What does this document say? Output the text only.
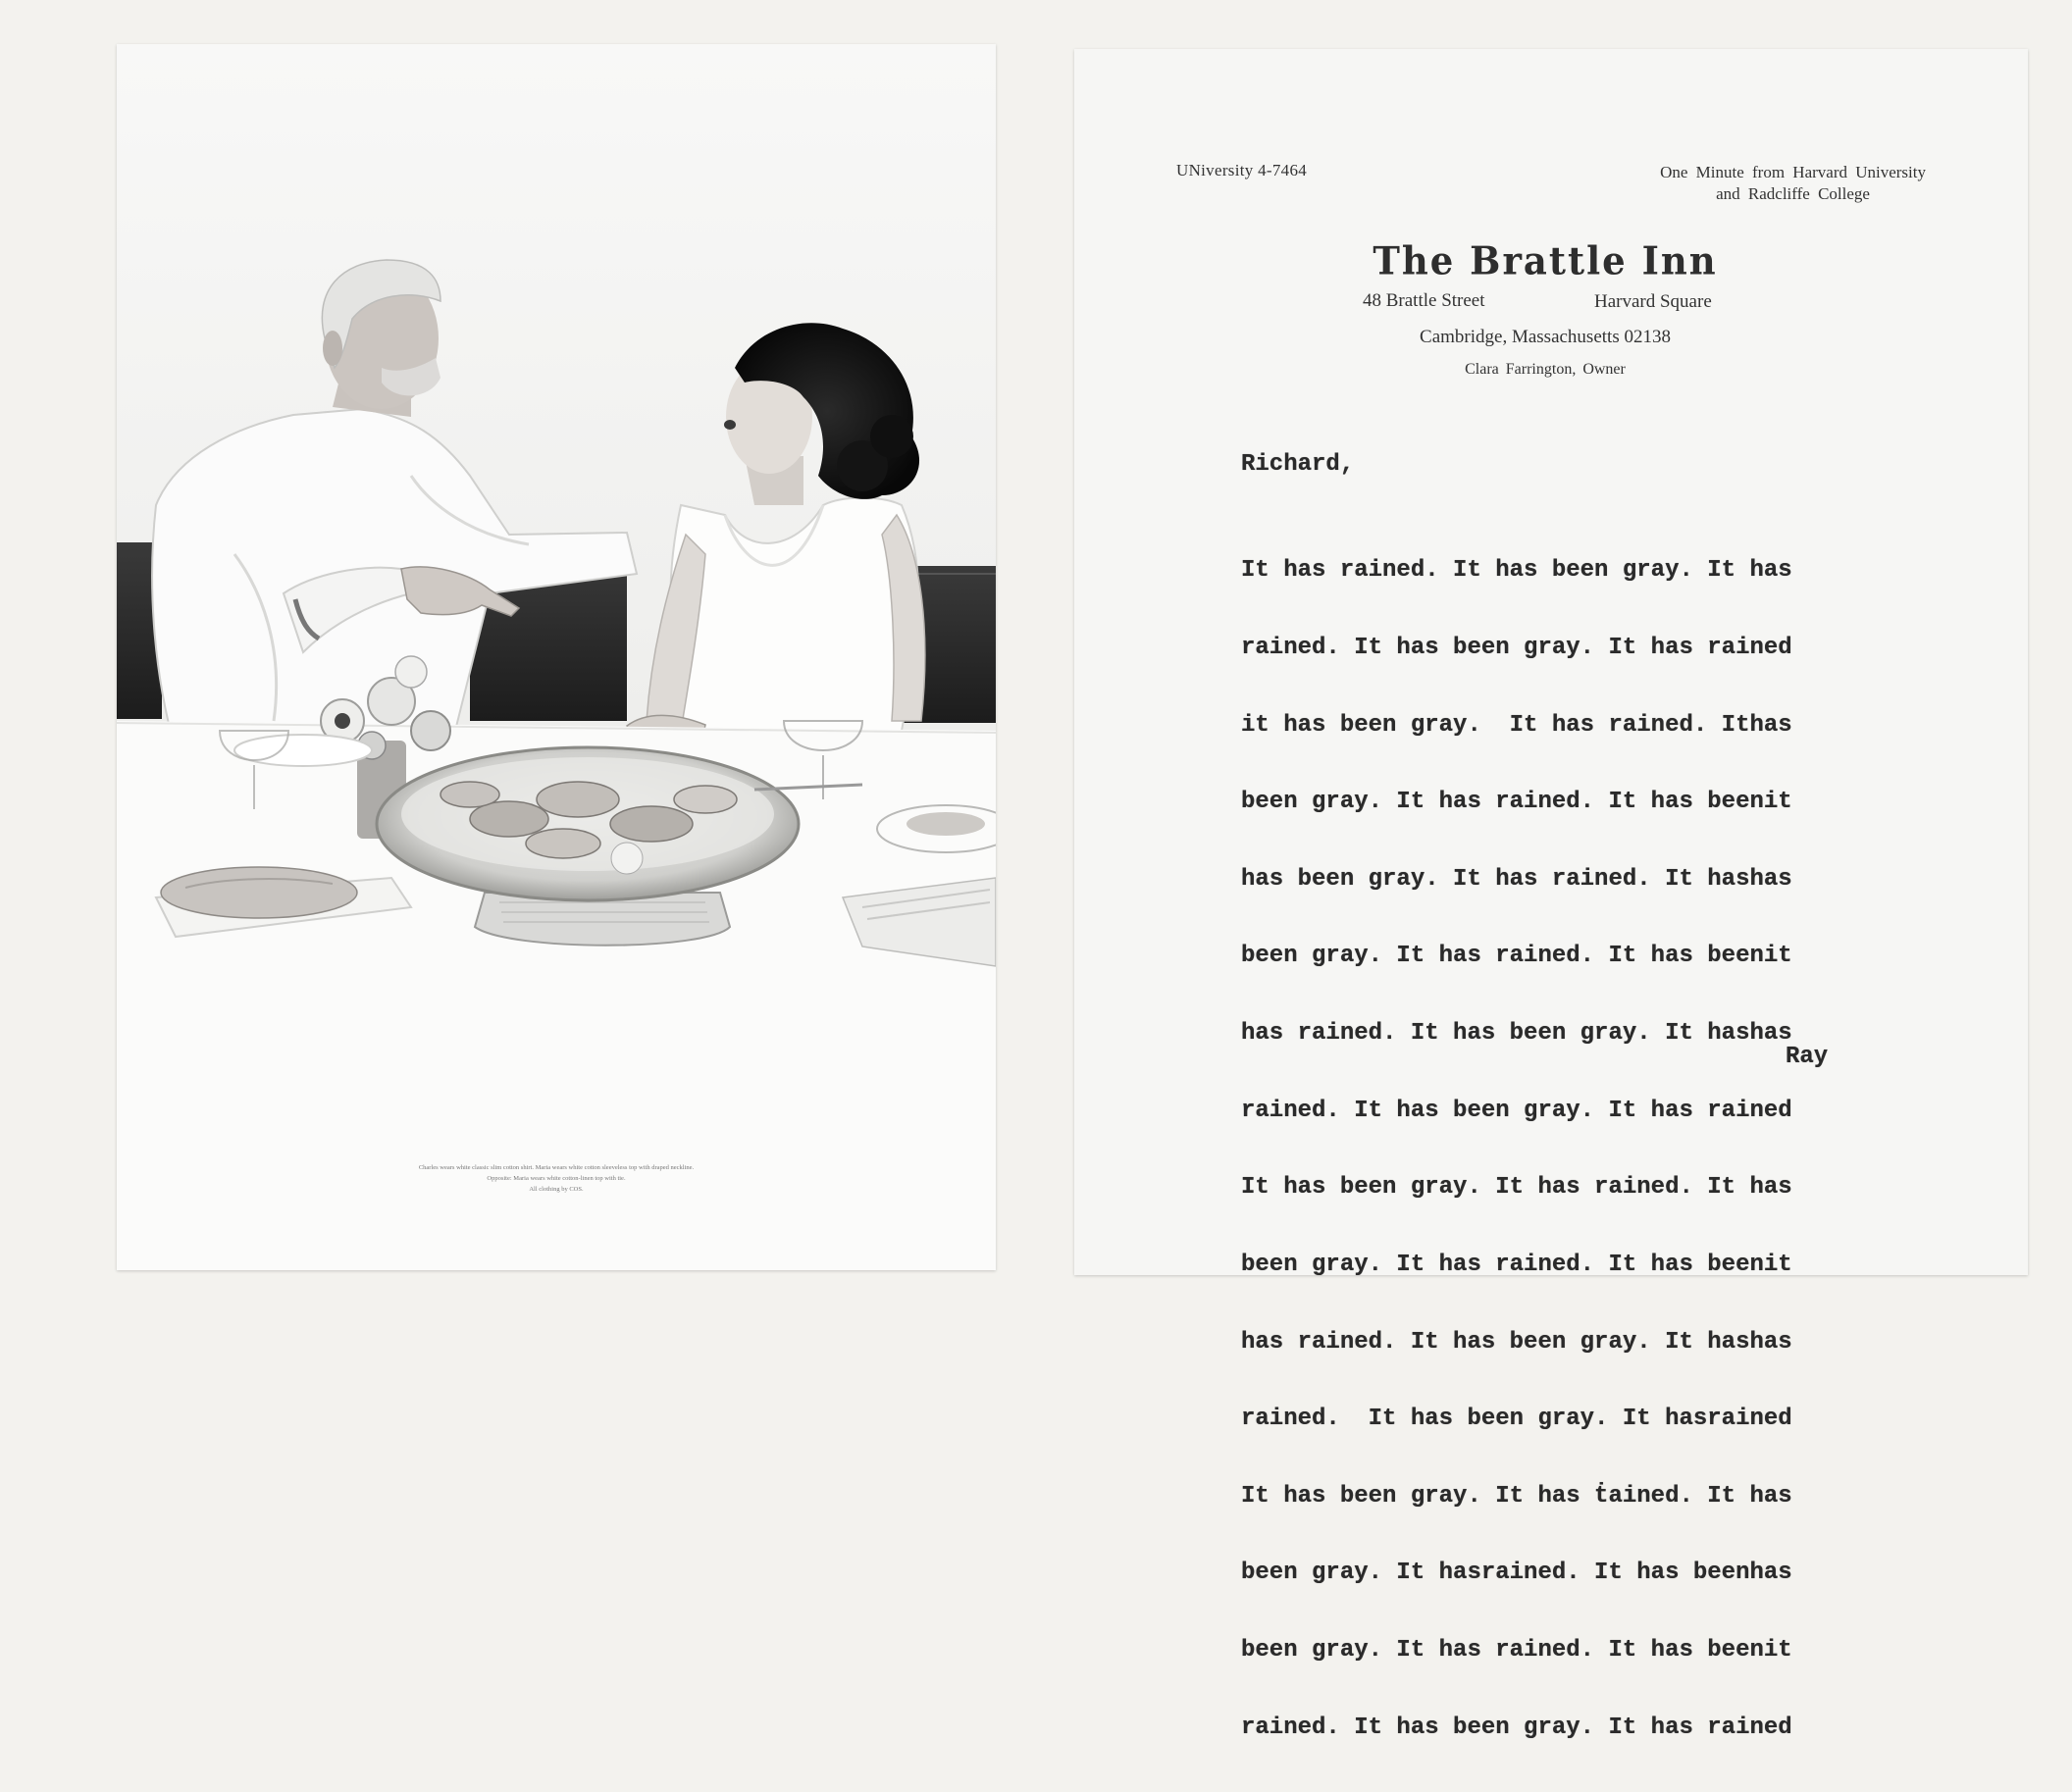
Charles wears white classic slim cotton shirt. Maria wears white cotton sleeveless top with draped neckline.
Opposite: Maria wears white cotton-linen top with tie.
All clothing by COS.
UNiversity 4-7464	One Minute from Harvard University
and Radcliffe College
The Brattle Inn
48 Brattle Street	Harvard Square
Cambridge, Massachusetts 02138
Clara Farrington, Owner
Richard,

It has rained. It has been gray. It has

rained. It has been gray. It has rained

it has been gray.  It has rained. Ithas

been gray. It has rained. It has beenit

has been gray. It has rained. It hashas

been gray. It has rained. It has beenit

has rained. It has been gray. It hashas

rained. It has been gray. It has rained

It has been gray. It has rained. It has

been gray. It has rained. It has beenit

has rained. It has been gray. It hashas

rained.  It has been gray. It hasrained

It has been gray. It has ṫained. It has

been gray. It hasrained. It has beenhas

been gray. It has rained. It has beenit

rained. It has been gray. It has rained

Ray
